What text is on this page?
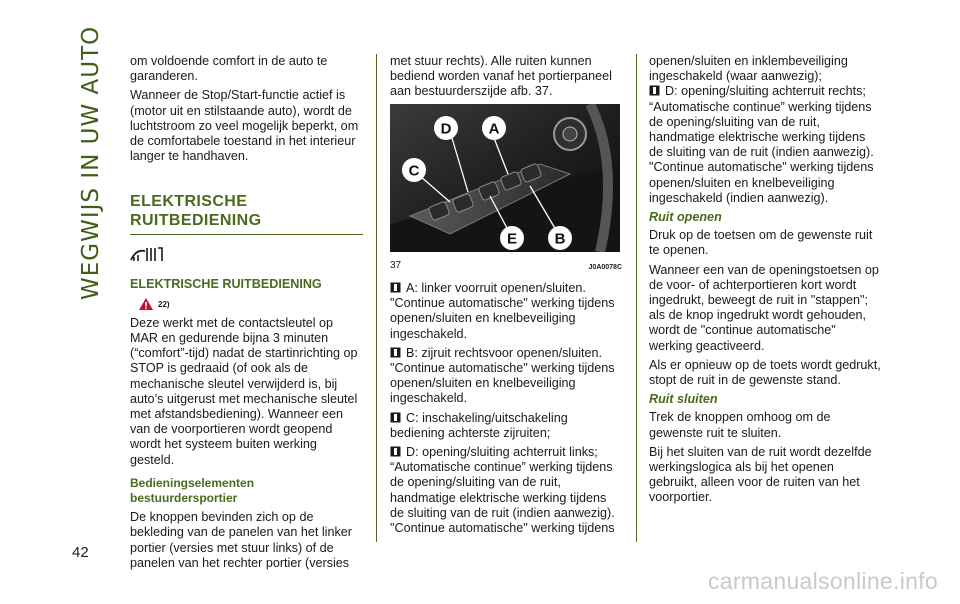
WEGWIJS IN UW AUTO
42

om voldoende comfort in de auto te garanderen.

Wanneer de Stop/Start-functie actief is (motor uit en stilstaande auto), wordt de luchtstroom zo veel mogelijk beperkt, om de comfortabele toestand in het interieur langer te handhaven.

ELEKTRISCHE RUITBEDIENING
ELEKTRISCHE RUITBEDIENING
22)

Deze werkt met de contactsleutel op MAR en gedurende bijna 3 minuten (“comfort”-tijd) nadat de startinrichting op STOP is gedraaid (of ook als de mechanische sleutel verwijderd is, bij auto’s uitgerust met mechanische sleutel met afstandsbediening). Wanneer een van de voorportieren wordt geopend wordt het systeem buiten werking gesteld.

Bedieningselementen bestuurdersportier

De knoppen bevinden zich op de bekleding van de panelen van het linker portier (versies met stuur links) of de panelen van het rechter portier (versies

met stuur rechts). Alle ruiten kunnen bediend worden vanaf het portierpaneel aan bestuurderszijde afb. 37.

D A
C
E	B
37	J0A0078C

A: linker voorruit openen/sluiten. "Continue automatische" werking tijdens openen/sluiten en knelbeveiliging ingeschakeld.

B: zijruit rechtsvoor openen/sluiten. "Continue automatische" werking tijdens openen/sluiten en knelbeveiliging ingeschakeld.

C: inschakeling/uitschakeling bediening achterste zijruiten;

D: opening/sluiting achterruit links; “Automatische continue” werking tijdens de opening/sluiting van de ruit, handmatige elektrische werking tijdens de sluiting van de ruit (indien aanwezig). "Continue automatische" werking tijdens

openen/sluiten en inklembeveiliging ingeschakeld (waar aanwezig);

D: opening/sluiting achterruit rechts; “Automatische continue” werking tijdens de opening/sluiting van de ruit, handmatige elektrische werking tijdens de sluiting van de ruit (indien aanwezig). "Continue automatische" werking tijdens openen/sluiten en knelbeveiliging ingeschakeld (indien aanwezig).

Ruit openen

Druk op de toetsen om de gewenste ruit te openen.

Wanneer een van de openingstoetsen op de voor- of achterportieren kort wordt ingedrukt, beweegt de ruit in "stappen"; als de knop ingedrukt wordt gehouden, wordt de "continue automatische" werking geactiveerd.

Als er opnieuw op de toets wordt gedrukt, stopt de ruit in de gewenste stand.

Ruit sluiten

Trek de knoppen omhoog om de gewenste ruit te sluiten.

Bij het sluiten van de ruit wordt dezelfde werkingslogica als bij het openen gebruikt, alleen voor de ruiten van het voorportier.

carmanualsonline.info
